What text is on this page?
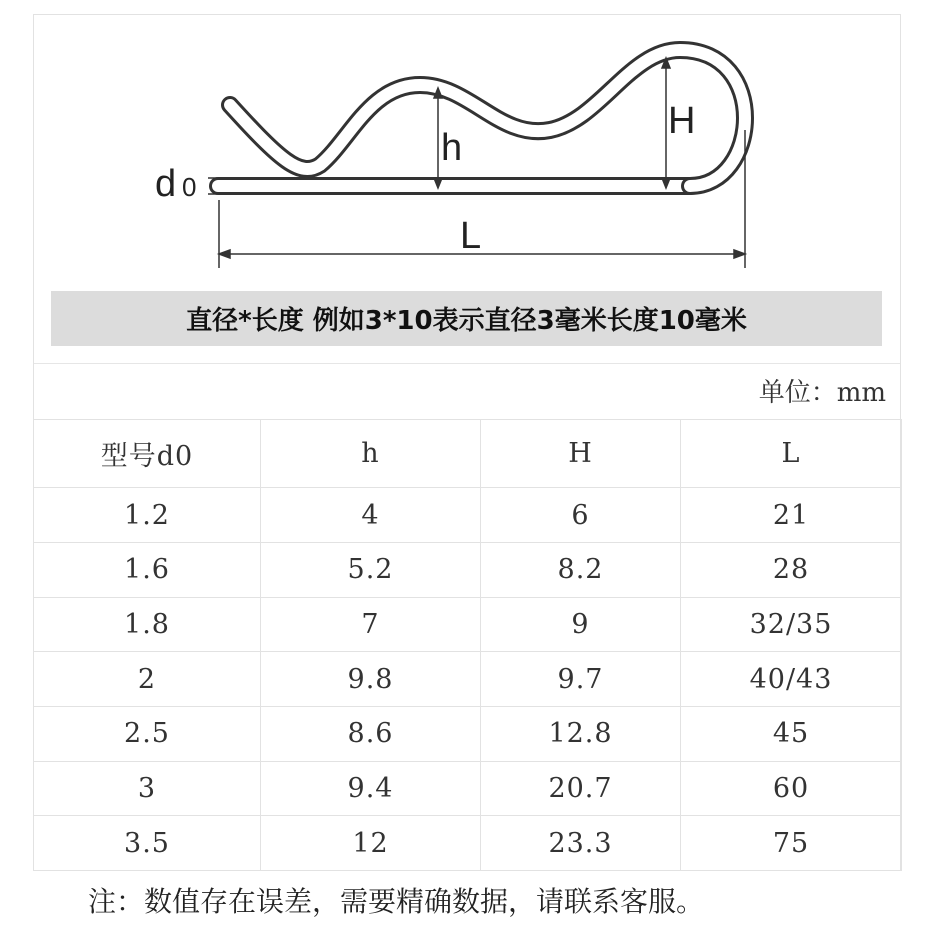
d 0
h
H
L
直径*长度 例如3*10表示直径3毫米长度10毫米
单位：mm
型号d0	h	H	L
1.2	4	6	21
1.6	5.2	8.2	28
1.8	7	9	32/35
2	9.8	9.7	40/43
2.5	8.6	12.8	45
3	9.4	20.7	60
3.5	12	23.3	75
注：数值存在误差，需要精确数据，请联系客服。
